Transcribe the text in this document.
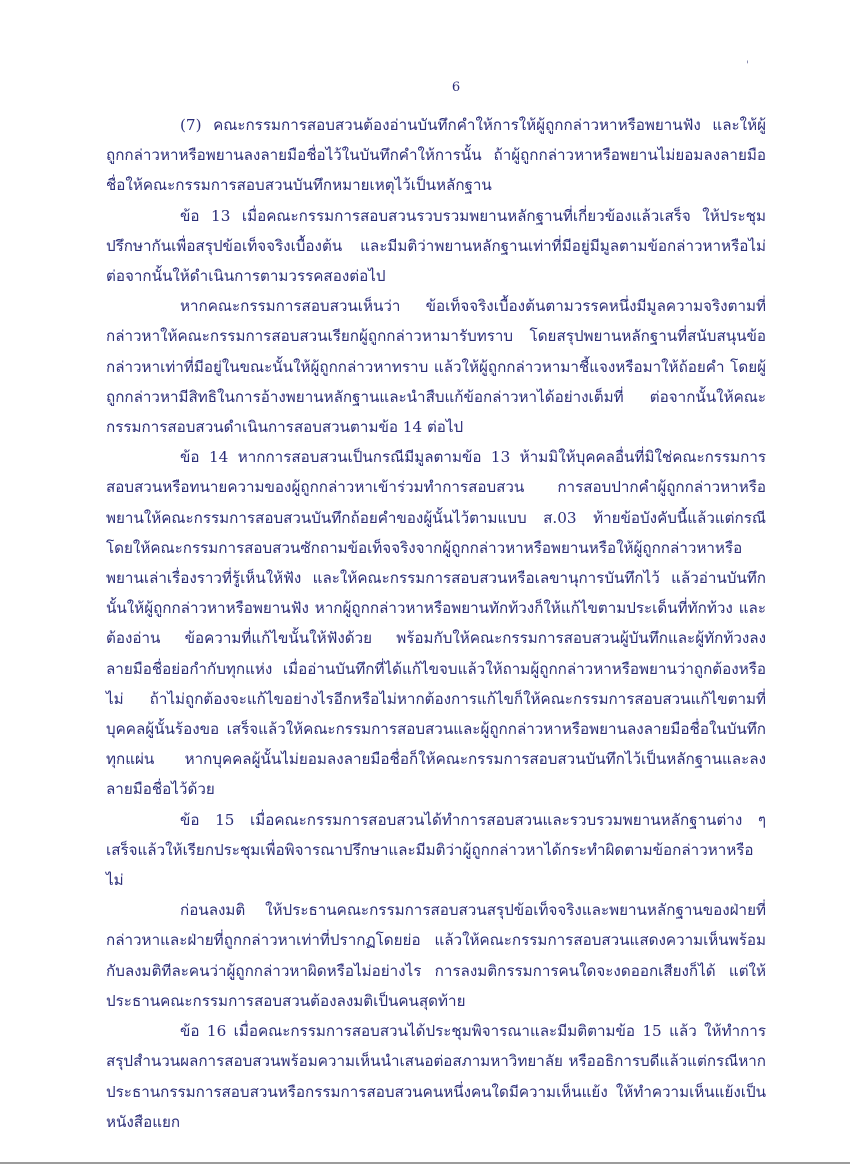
'
6

(7) คณะกรรมการสอบสวนต้องอ่านบันทึกคำให้การให้ผู้ถูกกล่าวหาหรือพยานฟัง และให้ผู้ถูกกล่าวหาหรือพยานลงลายมือชื่อไว้ในบันทึกคำให้การนั้น ถ้าผู้ถูกกล่าวหาหรือพยานไม่ยอมลงลายมือชื่อให้คณะกรรมการสอบสวนบันทึกหมายเหตุไว้เป็นหลักฐาน

ข้อ 13 เมื่อคณะกรรมการสอบสวนรวบรวมพยานหลักฐานที่เกี่ยวข้องแล้วเสร็จ ให้ประชุมปรึกษากันเพื่อสรุปข้อเท็จจริงเบื้องต้น และมีมติว่าพยานหลักฐานเท่าที่มีอยู่มีมูลตามข้อกล่าวหาหรือไม่ ต่อจากนั้นให้ดำเนินการตามวรรคสองต่อไป

หากคณะกรรมการสอบสวนเห็นว่า ข้อเท็จจริงเบื้องต้นตามวรรคหนึ่งมีมูลความจริงตามที่กล่าวหาให้คณะกรรมการสอบสวนเรียกผู้ถูกกล่าวหามารับทราบ โดยสรุปพยานหลักฐานที่สนับสนุนข้อกล่าวหาเท่าที่มีอยู่ในขณะนั้นให้ผู้ถูกกล่าวหาทราบ แล้วให้ผู้ถูกกล่าวหามาชี้แจงหรือมาให้ถ้อยคำ โดยผู้ถูกกล่าวหามีสิทธิในการอ้างพยานหลักฐานและนำสืบแก้ข้อกล่าวหาได้อย่างเต็มที่ ต่อจากนั้นให้คณะกรรมการสอบสวนดำเนินการสอบสวนตามข้อ 14 ต่อไป

ข้อ 14 หากการสอบสวนเป็นกรณีมีมูลตามข้อ 13 ห้ามมิให้บุคคลอื่นที่มิใช่คณะกรรมการสอบสวนหรือทนายความของผู้ถูกกล่าวหาเข้าร่วมทำการสอบสวน การสอบปากคำผู้ถูกกล่าวหาหรือพยานให้คณะกรรมการสอบสวนบันทึกถ้อยคำของผู้นั้นไว้ตามแบบ ส.03 ท้ายข้อบังคับนี้แล้วแต่กรณี โดยให้คณะกรรมการสอบสวนซักถามข้อเท็จจริงจากผู้ถูกกล่าวหาหรือพยานหรือให้ผู้ถูกกล่าวหาหรือพยานเล่าเรื่องราวที่รู้เห็นให้ฟัง และให้คณะกรรมการสอบสวนหรือเลขานุการบันทึกไว้ แล้วอ่านบันทึกนั้นให้ผู้ถูกกล่าวหาหรือพยานฟัง หากผู้ถูกกล่าวหาหรือพยานทักท้วงก็ให้แก้ไขตามประเด็นที่ทักท้วง และต้องอ่าน ข้อความที่แก้ไขนั้นให้ฟังด้วย พร้อมกับให้คณะกรรมการสอบสวนผู้บันทึกและผู้ทักท้วงลงลายมือชื่อย่อกำกับทุกแห่ง เมื่ออ่านบันทึกที่ได้แก้ไขจบแล้วให้ถามผู้ถูกกล่าวหาหรือพยานว่าถูกต้องหรือไม่ ถ้าไม่ถูกต้องจะแก้ไขอย่างไรอีกหรือไม่หากต้องการแก้ไขก็ให้คณะกรรมการสอบสวนแก้ไขตามที่บุคคลผู้นั้นร้องขอ เสร็จแล้วให้คณะกรรมการสอบสวนและผู้ถูกกล่าวหาหรือพยานลงลายมือชื่อในบันทึกทุกแผ่น หากบุคคลผู้นั้นไม่ยอมลงลายมือชื่อก็ให้คณะกรรมการสอบสวนบันทึกไว้เป็นหลักฐานและลงลายมือชื่อไว้ด้วย

ข้อ 15 เมื่อคณะกรรมการสอบสวนได้ทำการสอบสวนและรวบรวมพยานหลักฐานต่าง ๆ เสร็จแล้วให้เรียกประชุมเพื่อพิจารณาปรึกษาและมีมติว่าผู้ถูกกล่าวหาได้กระทำผิดตามข้อกล่าวหาหรือไม่

ก่อนลงมติ ให้ประธานคณะกรรมการสอบสวนสรุปข้อเท็จจริงและพยานหลักฐานของฝ่ายที่กล่าวหาและฝ่ายที่ถูกกล่าวหาเท่าที่ปรากฏโดยย่อ แล้วให้คณะกรรมการสอบสวนแสดงความเห็นพร้อมกับลงมติทีละคนว่าผู้ถูกกล่าวหาผิดหรือไม่อย่างไร การลงมติกรรมการคนใดจะงดออกเสียงก็ได้ แต่ให้ประธานคณะกรรมการสอบสวนต้องลงมติเป็นคนสุดท้าย

ข้อ 16 เมื่อคณะกรรมการสอบสวนได้ประชุมพิจารณาและมีมติตามข้อ 15 แล้ว ให้ทำการสรุปสำนวนผลการสอบสวนพร้อมความเห็นนำเสนอต่อสภามหาวิทยาลัย หรืออธิการบดีแล้วแต่กรณีหากประธานกรรมการสอบสวนหรือกรรมการสอบสวนคนหนึ่งคนใดมีความเห็นแย้ง ให้ทำความเห็นแย้งเป็นหนังสือแยก
